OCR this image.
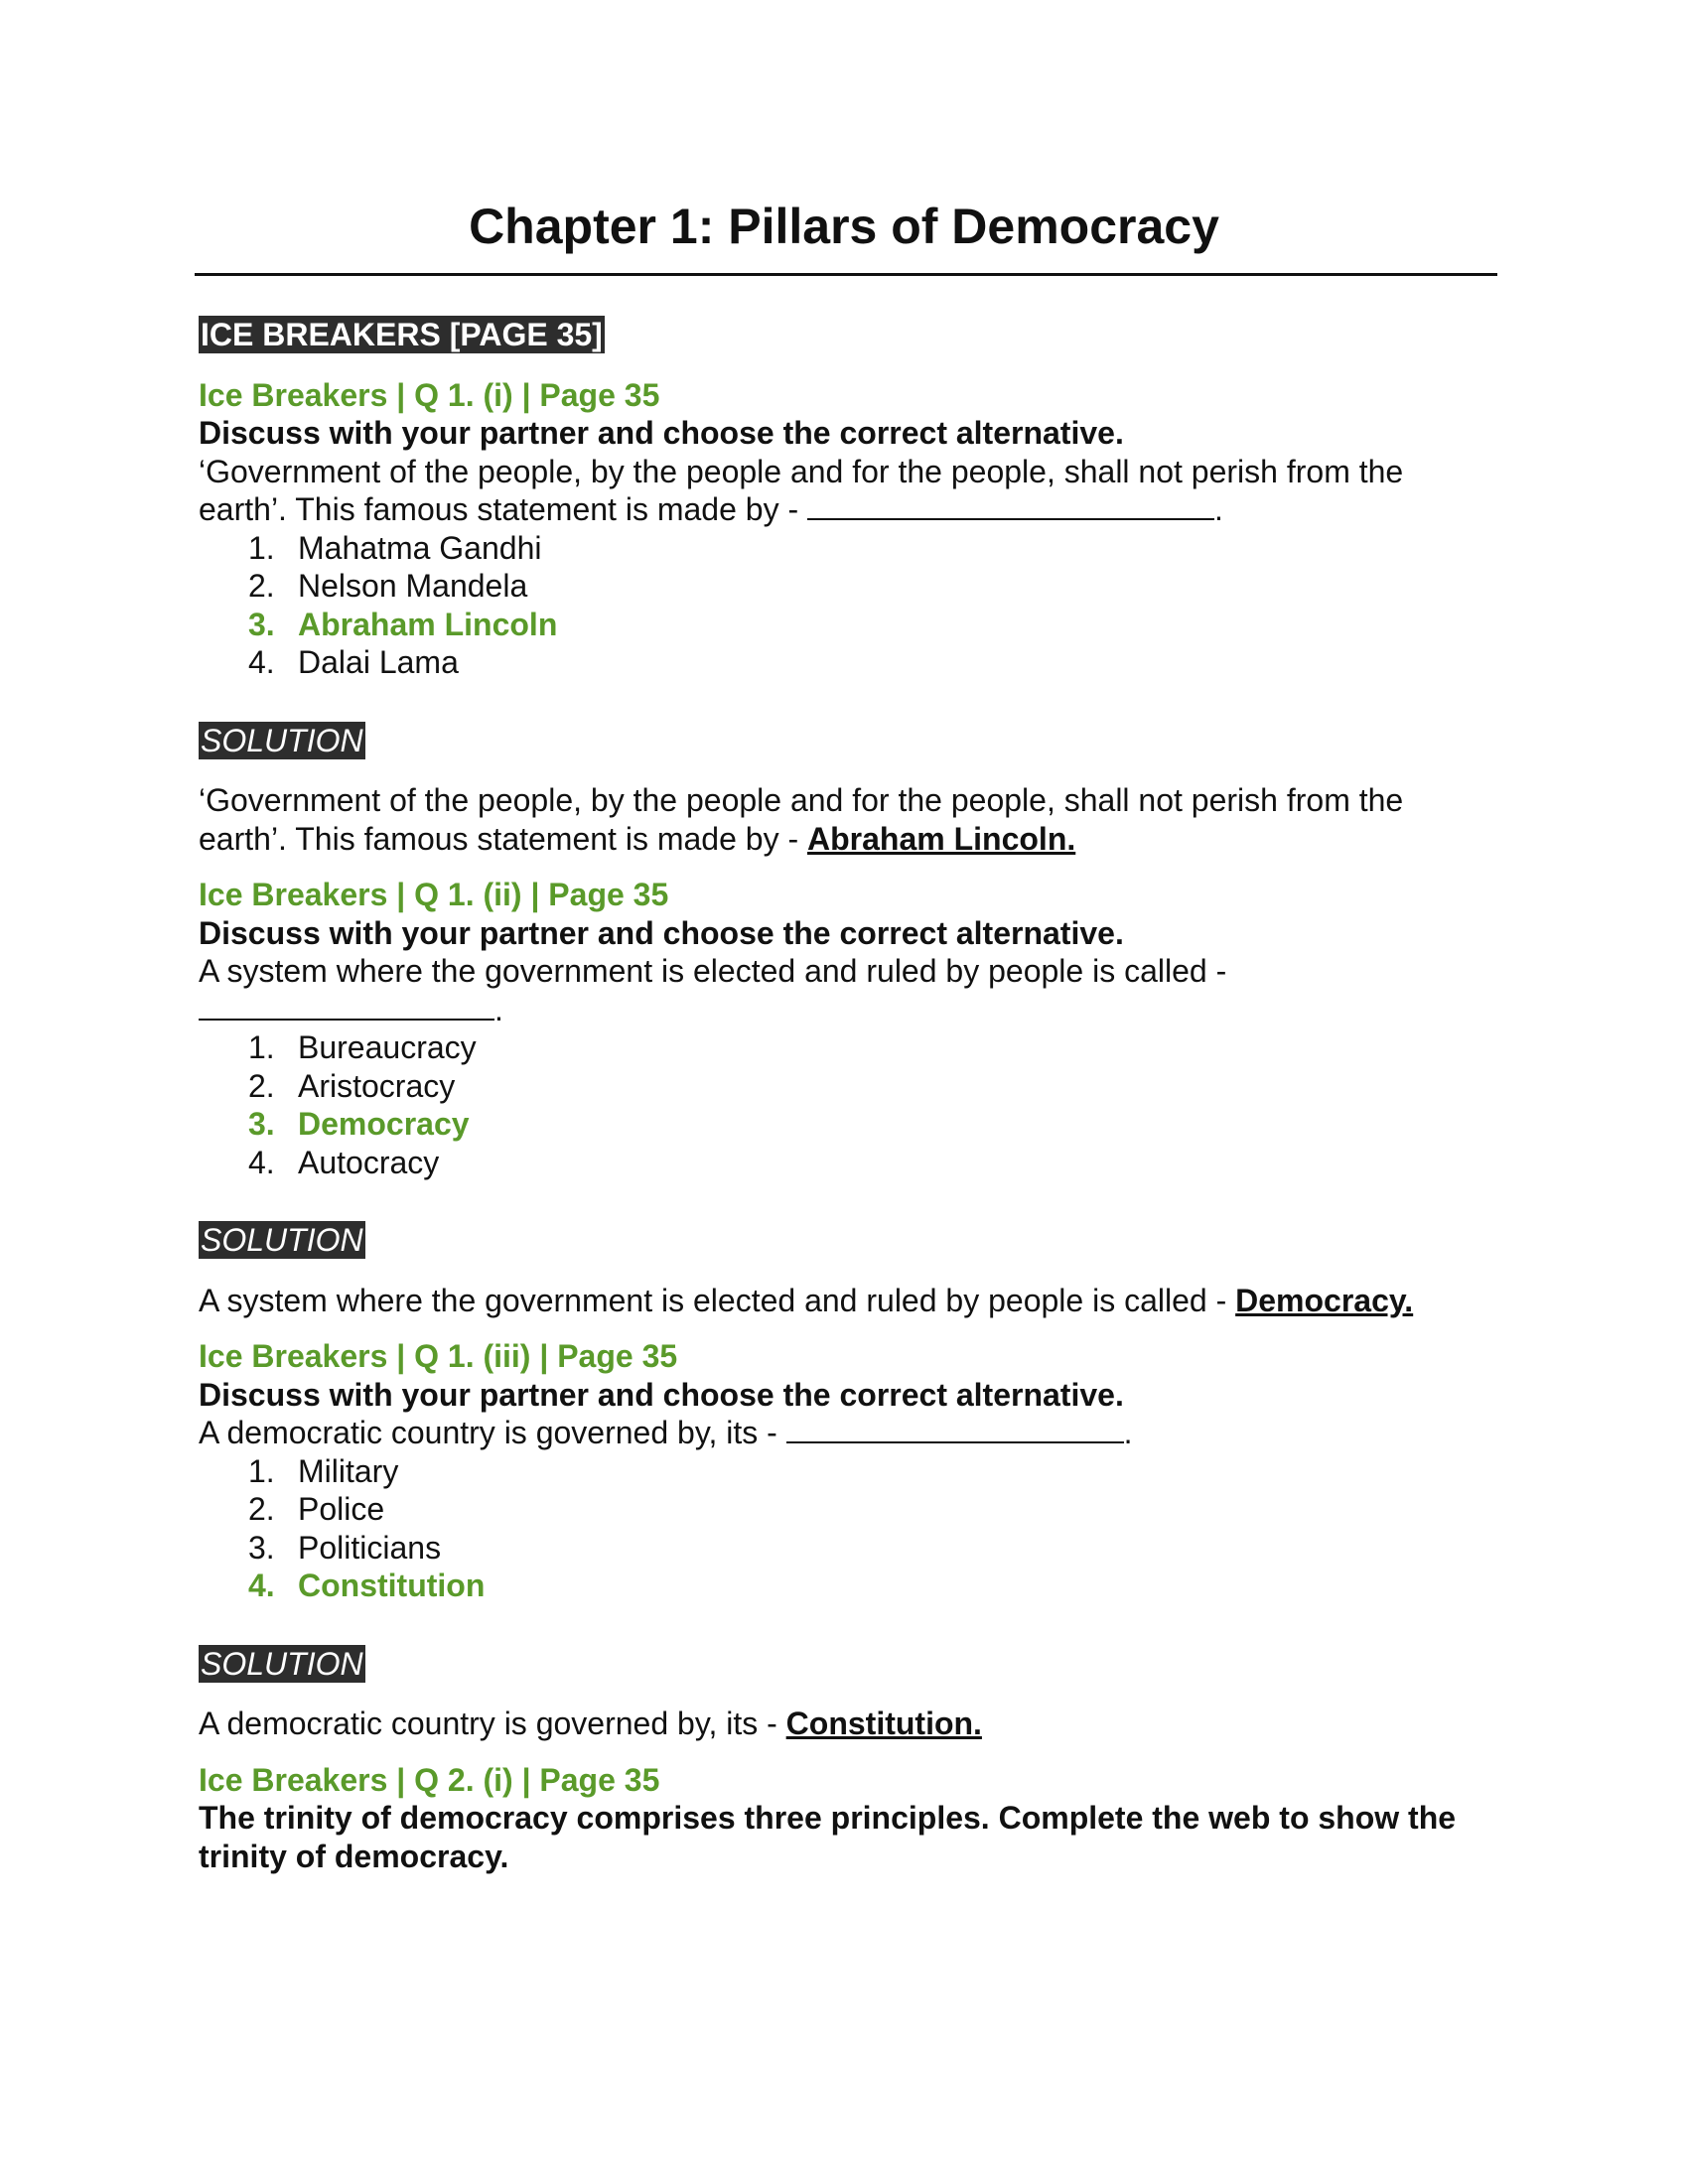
Chapter 1: Pillars of Democracy
ICE BREAKERS [PAGE 35]

Ice Breakers | Q 1. (i) | Page 35

Discuss with your partner and choose the correct alternative.

‘Government of the people, by the people and for the people, shall not perish from the earth’. This famous statement is made by -	.

1. Mahatma Gandhi
2. Nelson Mandela
3. Abraham Lincoln
4. Dalai Lama
SOLUTION

‘Government of the people, by the people and for the people, shall not perish from the earth’. This famous statement is made by - Abraham Lincoln.

Ice Breakers | Q 1. (ii) | Page 35

Discuss with your partner and choose the correct alternative.

A system where the government is elected and ruled by people is called -
.

1. Bureaucracy
2. Aristocracy
3. Democracy
4. Autocracy
SOLUTION

A system where the government is elected and ruled by people is called - Democracy.

Ice Breakers | Q 1. (iii) | Page 35

Discuss with your partner and choose the correct alternative.

A democratic country is governed by, its -	.

1. Military
2. Police
3. Politicians
4. Constitution
SOLUTION

A democratic country is governed by, its - Constitution.

Ice Breakers | Q 2. (i) | Page 35

The trinity of democracy comprises three principles. Complete the web to show the trinity of democracy.
